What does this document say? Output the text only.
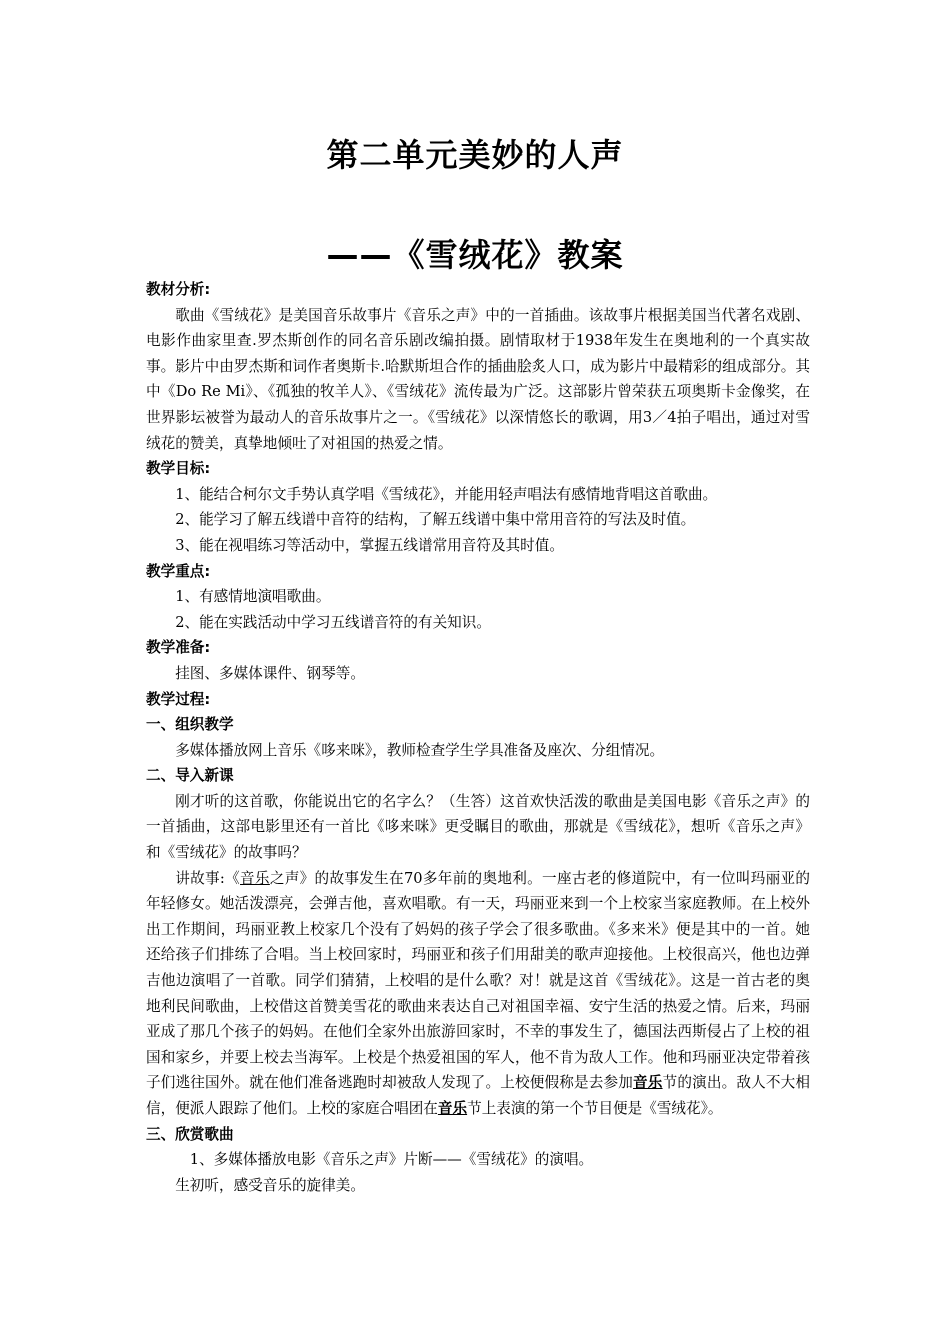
第二单元美妙的人声
——《雪绒花》教案

教材分析:

歌曲《雪绒花》是美国音乐故事片《音乐之声》中的一首插曲。该故事片根据美国当代著名戏剧、电影作曲家里查.罗杰斯创作的同名音乐剧改编拍摄。剧情取材于1938年发生在奥地利的一个真实故事。影片中由罗杰斯和词作者奥斯卡.哈默斯坦合作的插曲脍炙人口，成为影片中最精彩的组成部分。其中《Do Re Mi》、《孤独的牧羊人》、《雪绒花》流传最为广泛。这部影片曾荣获五项奥斯卡金像奖，在世界影坛被誉为最动人的音乐故事片之一。《雪绒花》以深情悠长的歌调，用3／4拍子唱出，通过对雪绒花的赞美，真挚地倾吐了对祖国的热爱之情。

教学目标:

1、能结合柯尔文手势认真学唱《雪绒花》，并能用轻声唱法有感情地背唱这首歌曲。

2、能学习了解五线谱中音符的结构，了解五线谱中集中常用音符的写法及时值。

3、能在视唱练习等活动中，掌握五线谱常用音符及其时值。

教学重点:

1、有感情地演唱歌曲。

2、能在实践活动中学习五线谱音符的有关知识。

教学准备:

挂图、多媒体课件、钢琴等。

教学过程:

一、组织教学

多媒体播放网上音乐《哆来咪》，教师检查学生学具准备及座次、分组情况。

二、导入新课

刚才听的这首歌，你能说出它的名字么？（生答）这首欢快活泼的歌曲是美国电影《音乐之声》的一首插曲，这部电影里还有一首比《哆来咪》更受瞩目的歌曲，那就是《雪绒花》，想听《音乐之声》和《雪绒花》的故事吗？

讲故事:《音乐之声》的故事发生在70多年前的奥地利。一座古老的修道院中，有一位叫玛丽亚的年轻修女。她活泼漂亮，会弹吉他，喜欢唱歌。有一天，玛丽亚来到一个上校家当家庭教师。在上校外出工作期间，玛丽亚教上校家几个没有了妈妈的孩子学会了很多歌曲。《多来米》便是其中的一首。她还给孩子们排练了合唱。当上校回家时，玛丽亚和孩子们用甜美的歌声迎接他。上校很高兴，他也边弹吉他边演唱了一首歌。同学们猜猜，上校唱的是什么歌？对！就是这首《雪绒花》。这是一首古老的奥地利民间歌曲，上校借这首赞美雪花的歌曲来表达自己对祖国幸福、安宁生活的热爱之情。后来，玛丽亚成了那几个孩子的妈妈。在他们全家外出旅游回家时，不幸的事发生了，德国法西斯侵占了上校的祖国和家乡，并要上校去当海军。上校是个热爱祖国的军人，他不肯为敌人工作。他和玛丽亚决定带着孩子们逃往国外。就在他们准备逃跑时却被敌人发现了。上校便假称是去参加音乐节的演出。敌人不大相信，便派人跟踪了他们。上校的家庭合唱团在音乐节上表演的第一个节目便是《雪绒花》。

三、欣赏歌曲

1、多媒体播放电影《音乐之声》片断——《雪绒花》的演唱。

生初听，感受音乐的旋律美。
